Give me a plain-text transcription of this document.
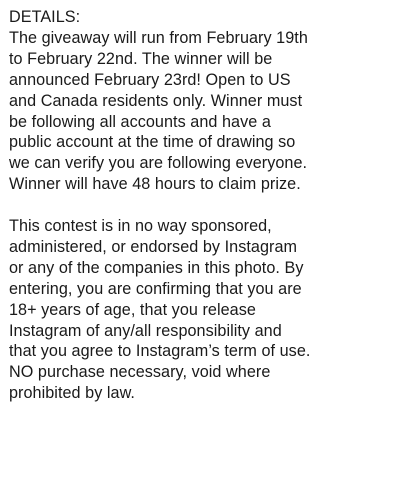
DETAILS:
The giveaway will run from February 19th
to February 22nd. The winner will be
announced February 23rd! Open to US
and Canada residents only. Winner must
be following all accounts and have a
public account at the time of drawing so
we can verify you are following everyone.
Winner will have 48 hours to claim prize.

This contest is in no way sponsored,
administered, or endorsed by Instagram
or any of the companies in this photo. By
entering, you are confirming that you are
18+ years of age, that you release
Instagram of any/all responsibility and
that you agree to Instagram’s term of use.
NO purchase necessary, void where
prohibited by law.
